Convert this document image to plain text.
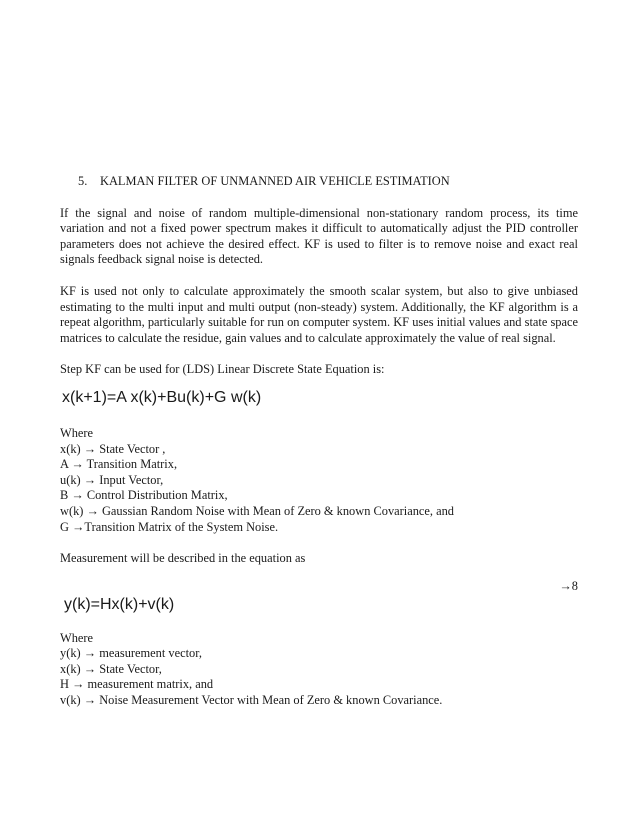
5. KALMAN FILTER OF UNMANNED AIR VEHICLE ESTIMATION

If the signal and noise of random multiple-dimensional non-stationary random process, its time variation and not a fixed power spectrum makes it difficult to automatically adjust the PID controller parameters does not achieve the desired effect. KF is used to filter is to remove noise and exact real signals feedback signal noise is detected.

KF is used not only to calculate approximately the smooth scalar system, but also to give unbiased estimating to the multi input and multi output (non-steady) system. Additionally, the KF algorithm is a repeat algorithm, particularly suitable for run on computer system. KF uses initial values and state space matrices to calculate the residue, gain values and to calculate approximately the value of real signal.

Step KF can be used for (LDS) Linear Discrete State Equation is:

x(k+1)=A x(k)+Bu(k)+G w(k)
Where
x(k) → State Vector ,
A → Transition Matrix,
u(k) → Input Vector,
B → Control Distribution Matrix,
w(k) → Gaussian Random Noise with Mean of Zero & known Covariance, and
G →Transition Matrix of the System Noise.

Measurement will be described in the equation as

→8
y(k)=Hx(k)+v(k)
Where
y(k) → measurement vector,
x(k) → State Vector,
H → measurement matrix, and
v(k) → Noise Measurement Vector with Mean of Zero & known Covariance.
